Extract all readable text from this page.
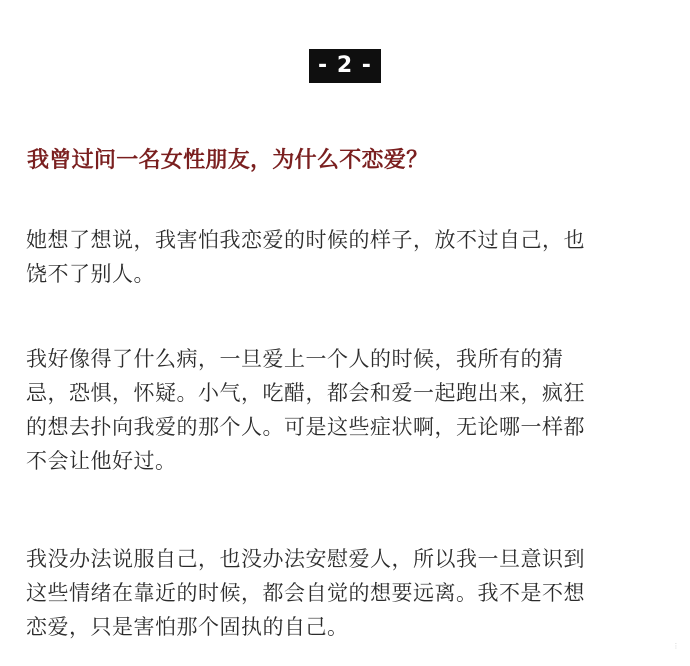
- 2 -
我曾过问一名女性朋友，为什么不恋爱？

她想了想说，我害怕我恋爱的时候的样子，放不过自己，也
饶不了别人。

我好像得了什么病，一旦爱上一个人的时候，我所有的猜
忌，恐惧，怀疑。小气，吃醋，都会和爱一起跑出来，疯狂
的想去扑向我爱的那个人。可是这些症状啊，无论哪一样都
不会让他好过。

我没办法说服自己，也没办法安慰爱人，所以我一旦意识到
这些情绪在靠近的时候，都会自觉的想要远离。我不是不想
恋爱，只是害怕那个固执的自己。

⋮
